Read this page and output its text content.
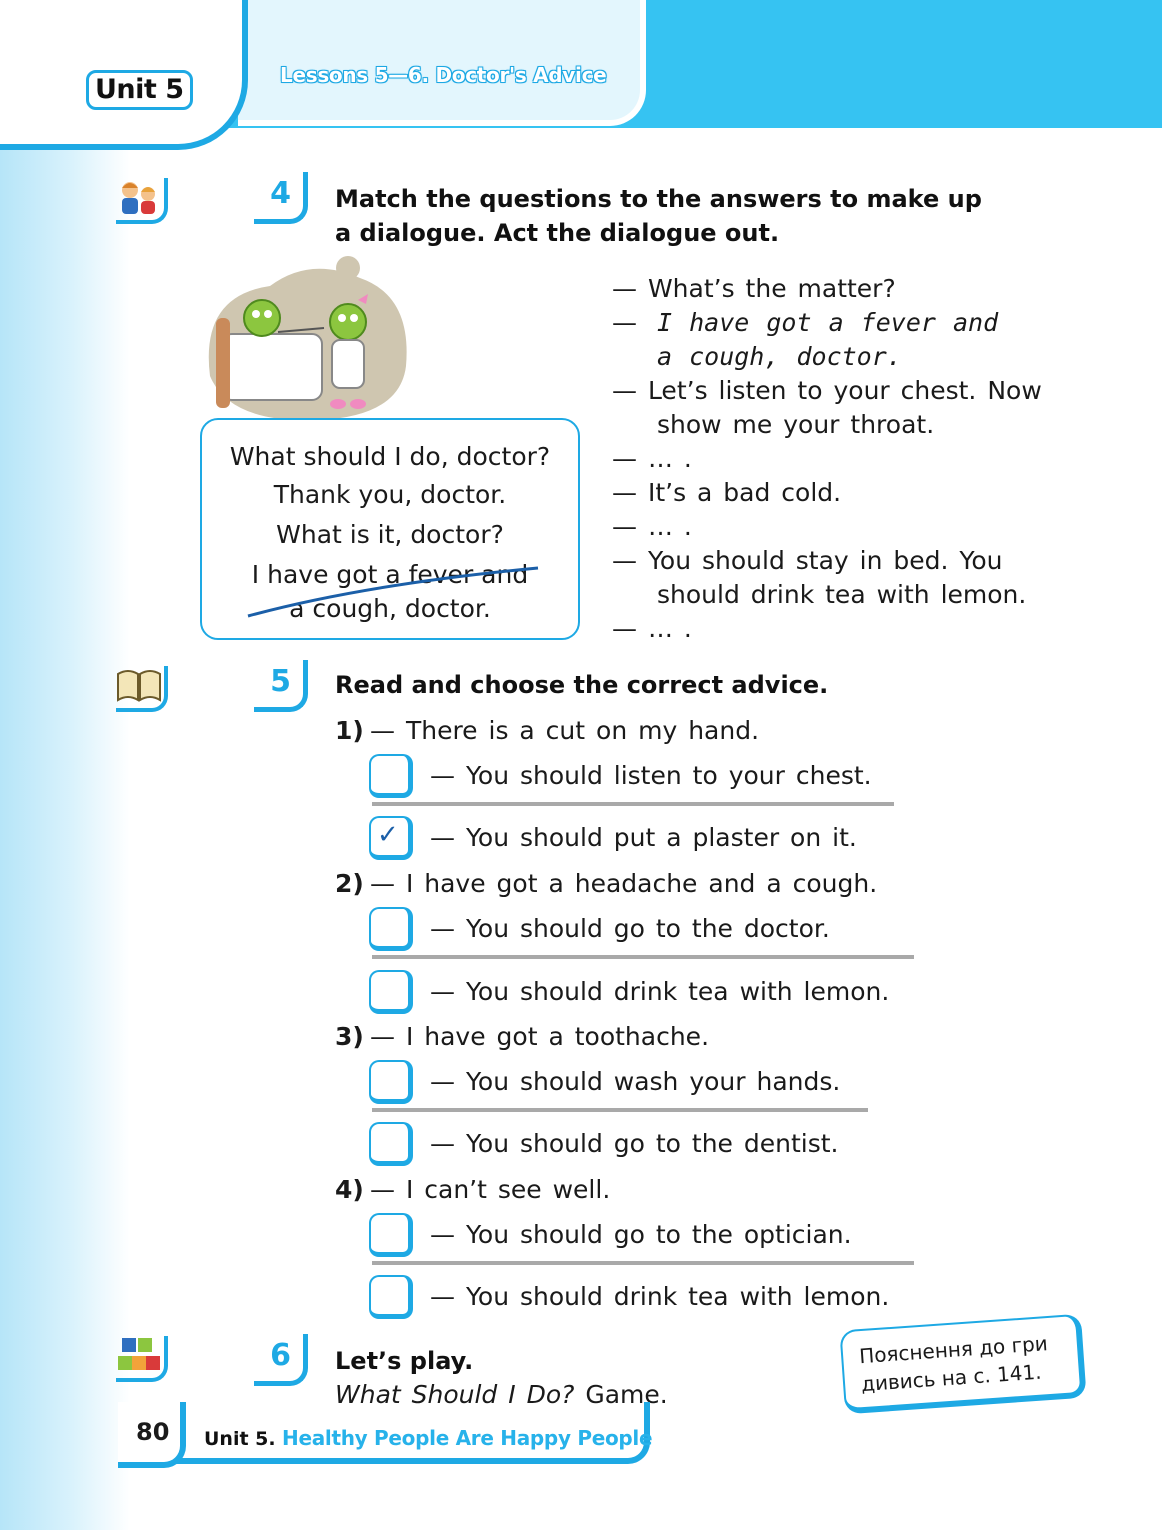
Unit 5	Lessons 5—6. Doctor's Advice
4	Match the questions to the answers to make up
a dialogue. Act the dialogue out.
What should I do, doctor?
Thank you, doctor.
What is it, doctor?
I have got a fever and
a cough, doctor.
— What’s the matter?
— I have got a fever and
a cough, doctor.
— Let’s listen to your chest. Now
show me your throat.
— … .
— It’s a bad cold.
— … .
— You should stay in bed. You
should drink tea with lemon.
— … .
5	Read and choose the correct advice.
1) — There is a cut on my hand.
— You should listen to your chest.
✓ — You should put a plaster on it.
2) — I have got a headache and a cough.
— You should go to the doctor.
— You should drink tea with lemon.
3) — I have got a toothache.
— You should wash your hands.
— You should go to the dentist.
4) — I can’t see well.
— You should go to the optician.
— You should drink tea with lemon.
6	Let’s play.
What Should I Do? Game.
Пояснення до гри
дивись на с. 141.
80 Unit 5. Healthy People Are Happy People
